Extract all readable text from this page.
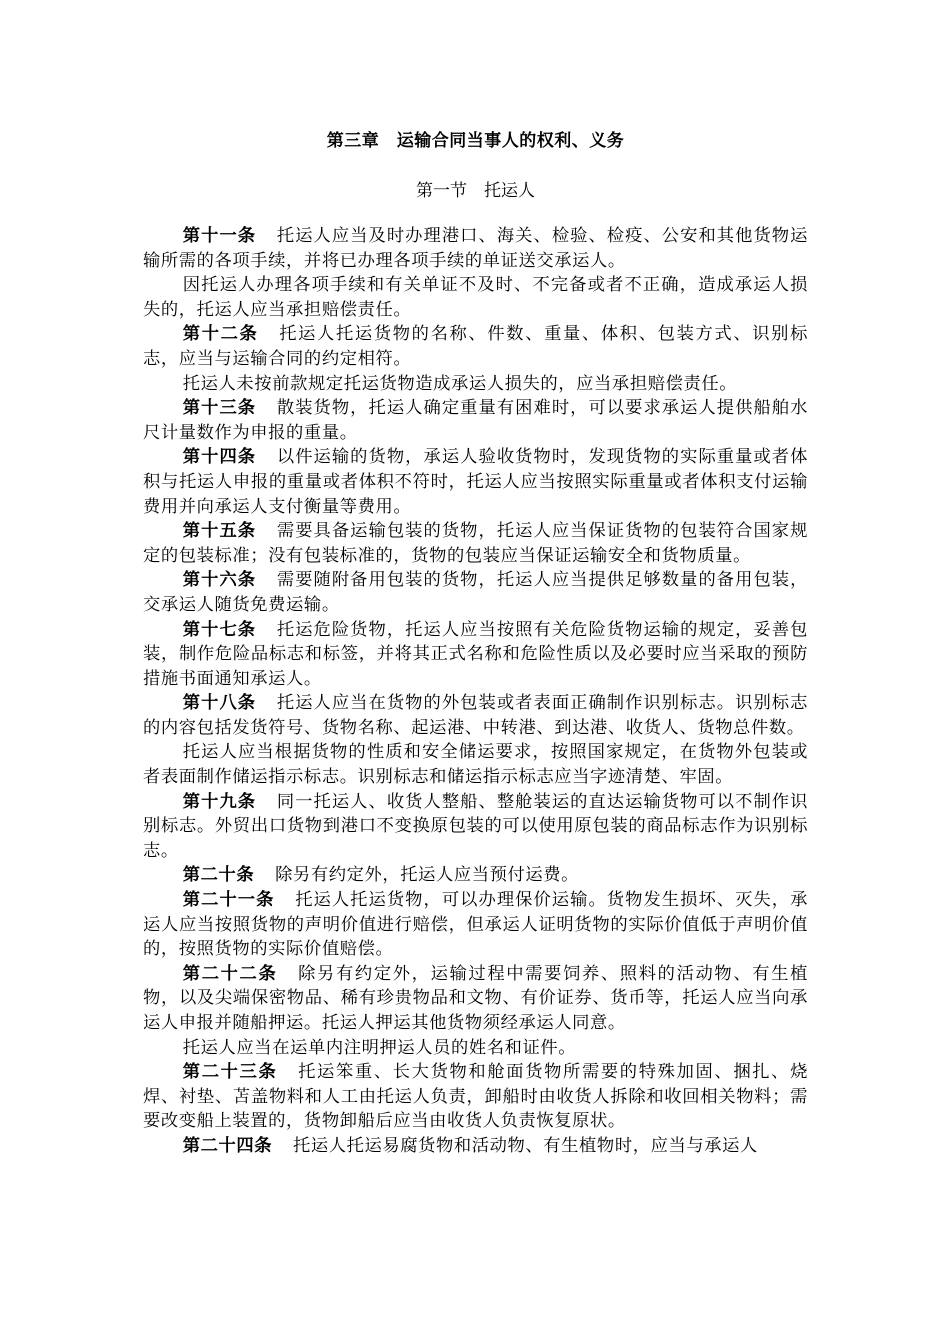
第三章　运输合同当事人的权利、义务
第一节　托运人

第十一条 托运人应当及时办理港口、海关、检验、检疫、公安和其他货物运输所需的各项手续，并将已办理各项手续的单证送交承运人。

因托运人办理各项手续和有关单证不及时、不完备或者不正确，造成承运人损失的，托运人应当承担赔偿责任。

第十二条 托运人托运货物的名称、件数、重量、体积、包装方式、识别标志，应当与运输合同的约定相符。

托运人未按前款规定托运货物造成承运人损失的，应当承担赔偿责任。

第十三条 散装货物，托运人确定重量有困难时，可以要求承运人提供船舶水尺计量数作为申报的重量。

第十四条 以件运输的货物，承运人验收货物时，发现货物的实际重量或者体积与托运人申报的重量或者体积不符时，托运人应当按照实际重量或者体积支付运输费用并向承运人支付衡量等费用。

第十五条 需要具备运输包装的货物，托运人应当保证货物的包装符合国家规定的包装标准；没有包装标准的，货物的包装应当保证运输安全和货物质量。

第十六条 需要随附备用包装的货物，托运人应当提供足够数量的备用包装，交承运人随货免费运输。

第十七条 托运危险货物，托运人应当按照有关危险货物运输的规定，妥善包装，制作危险品标志和标签，并将其正式名称和危险性质以及必要时应当采取的预防措施书面通知承运人。

第十八条 托运人应当在货物的外包装或者表面正确制作识别标志。识别标志的内容包括发货符号、货物名称、起运港、中转港、到达港、收货人、货物总件数。

托运人应当根据货物的性质和安全储运要求，按照国家规定，在货物外包装或者表面制作储运指示标志。识别标志和储运指示标志应当字迹清楚、牢固。

第十九条 同一托运人、收货人整船、整舱装运的直达运输货物可以不制作识别标志。外贸出口货物到港口不变换原包装的可以使用原包装的商品标志作为识别标志。

第二十条 除另有约定外，托运人应当预付运费。

第二十一条 托运人托运货物，可以办理保价运输。货物发生损坏、灭失，承运人应当按照货物的声明价值进行赔偿，但承运人证明货物的实际价值低于声明价值的，按照货物的实际价值赔偿。

第二十二条 除另有约定外，运输过程中需要饲养、照料的活动物、有生植物，以及尖端保密物品、稀有珍贵物品和文物、有价证券、货币等，托运人应当向承运人申报并随船押运。托运人押运其他货物须经承运人同意。

托运人应当在运单内注明押运人员的姓名和证件。

第二十三条 托运笨重、长大货物和舱面货物所需要的特殊加固、捆扎、烧焊、衬垫、苫盖物料和人工由托运人负责，卸船时由收货人拆除和收回相关物料；需要改变船上装置的，货物卸船后应当由收货人负责恢复原状。

第二十四条 托运人托运易腐货物和活动物、有生植物时，应当与承运人
